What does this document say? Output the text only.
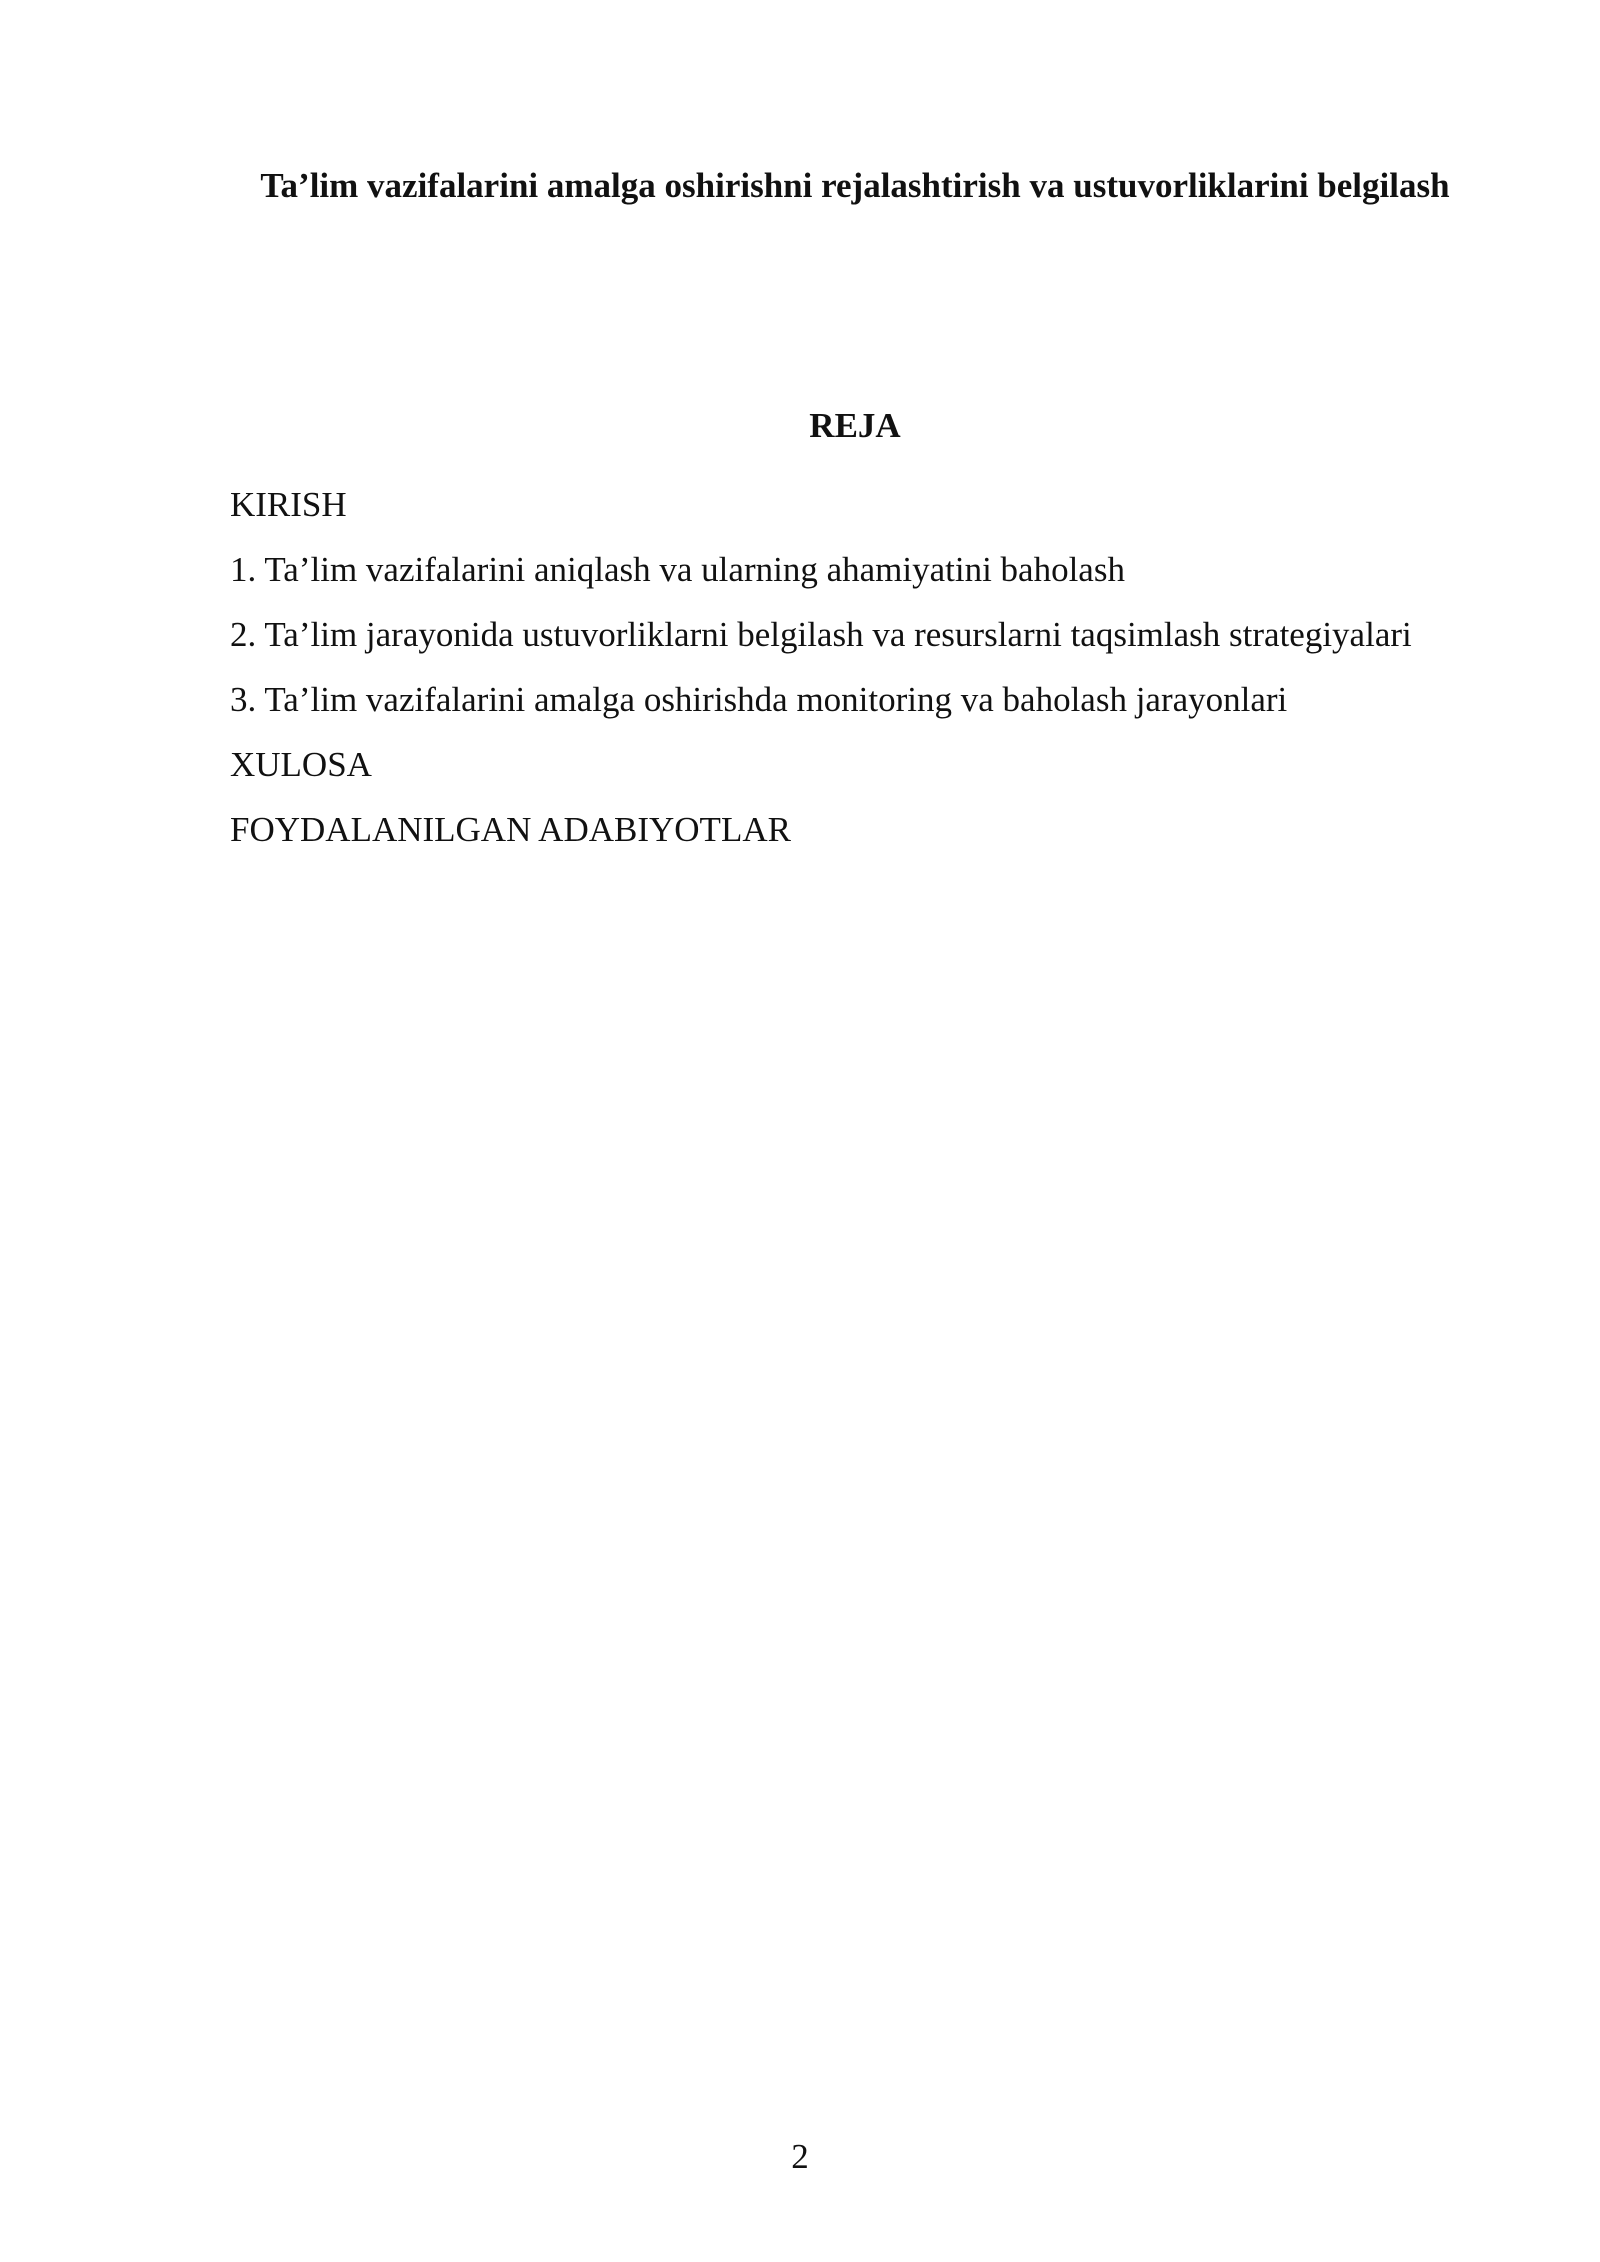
Ta’lim vazifalarini amalga oshirishni rejalashtirish va ustuvorliklarini belgilash
REJA
KIRISH
1. Ta’lim vazifalarini aniqlash va ularning ahamiyatini baholash
2. Ta’lim jarayonida ustuvorliklarni belgilash va resurslarni taqsimlash strategiyalari
3. Ta’lim vazifalarini amalga oshirishda monitoring va baholash jarayonlari
XULOSA
FOYDALANILGAN ADABIYOTLAR
2
